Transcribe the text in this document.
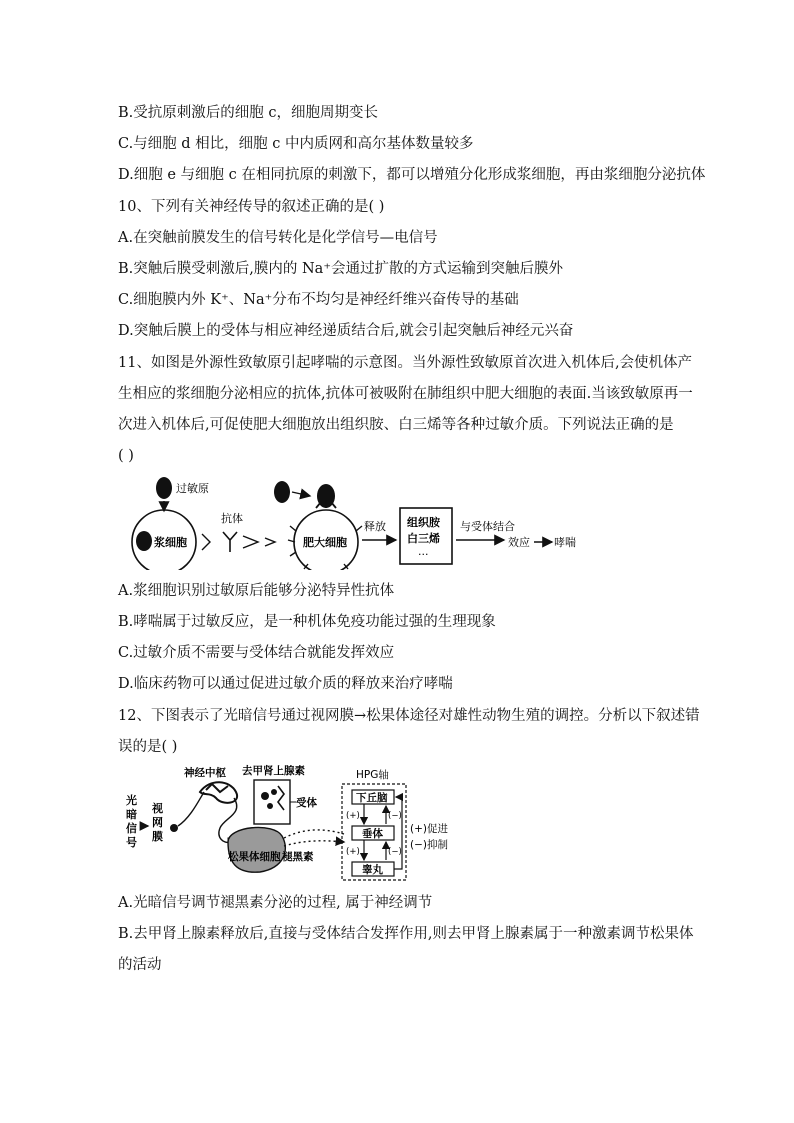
B.受抗原刺激后的细胞 c，细胞周期变长
C.与细胞 d 相比，细胞 c 中内质网和高尔基体数量较多
D.细胞 e 与细胞 c 在相同抗原的刺激下，都可以增殖分化形成浆细胞，再由浆细胞分泌抗体
10、下列有关神经传导的叙述正确的是( )
A.在突触前膜发生的信号转化是化学信号—电信号
B.突触后膜受刺激后,膜内的 Na⁺会通过扩散的方式运输到突触后膜外
C.细胞膜内外 K⁺、Na⁺分布不均匀是神经纤维兴奋传导的基础
D.突触后膜上的受体与相应神经递质结合后,就会引起突触后神经元兴奋
11、如图是外源性致敏原引起哮喘的示意图。当外源性致敏原首次进入机体后,会使机体产
生相应的浆细胞分泌相应的抗体,抗体可被吸附在肺组织中肥大细胞的表面.当该致敏原再一
次进入机体后,可促使肥大细胞放出组织胺、白三烯等各种过敏介质。下列说法正确的是
( )
A.浆细胞识别过敏原后能够分泌特异性抗体
B.哮喘属于过敏反应，是一种机体免疫功能过强的生理现象
C.过敏介质不需要与受体结合就能发挥效应
D.临床药物可以通过促进过敏介质的释放来治疗哮喘
12、下图表示了光暗信号通过视网膜→松果体途径对雄性动物生殖的调控。分析以下叙述错
误的是( )
A.光暗信号调节褪黑素分泌的过程, 属于神经调节
B.去甲肾上腺素释放后,直接与受体结合发挥作用,则去甲肾上腺素属于一种激素调节松果体
的活动
过敏原
浆细胞
抗体
肥大细胞
释放 组织胺
白三烯
···
与受体结合
效应 哮喘
光
暗
信
号
视
网
膜
神经中枢 去甲肾上腺素
受体
松果体细胞 褪黑素
HPG轴
下丘脑
垂体
睾丸
(+)
(+)
(−)
(−)
(+)促进
(−)抑制
